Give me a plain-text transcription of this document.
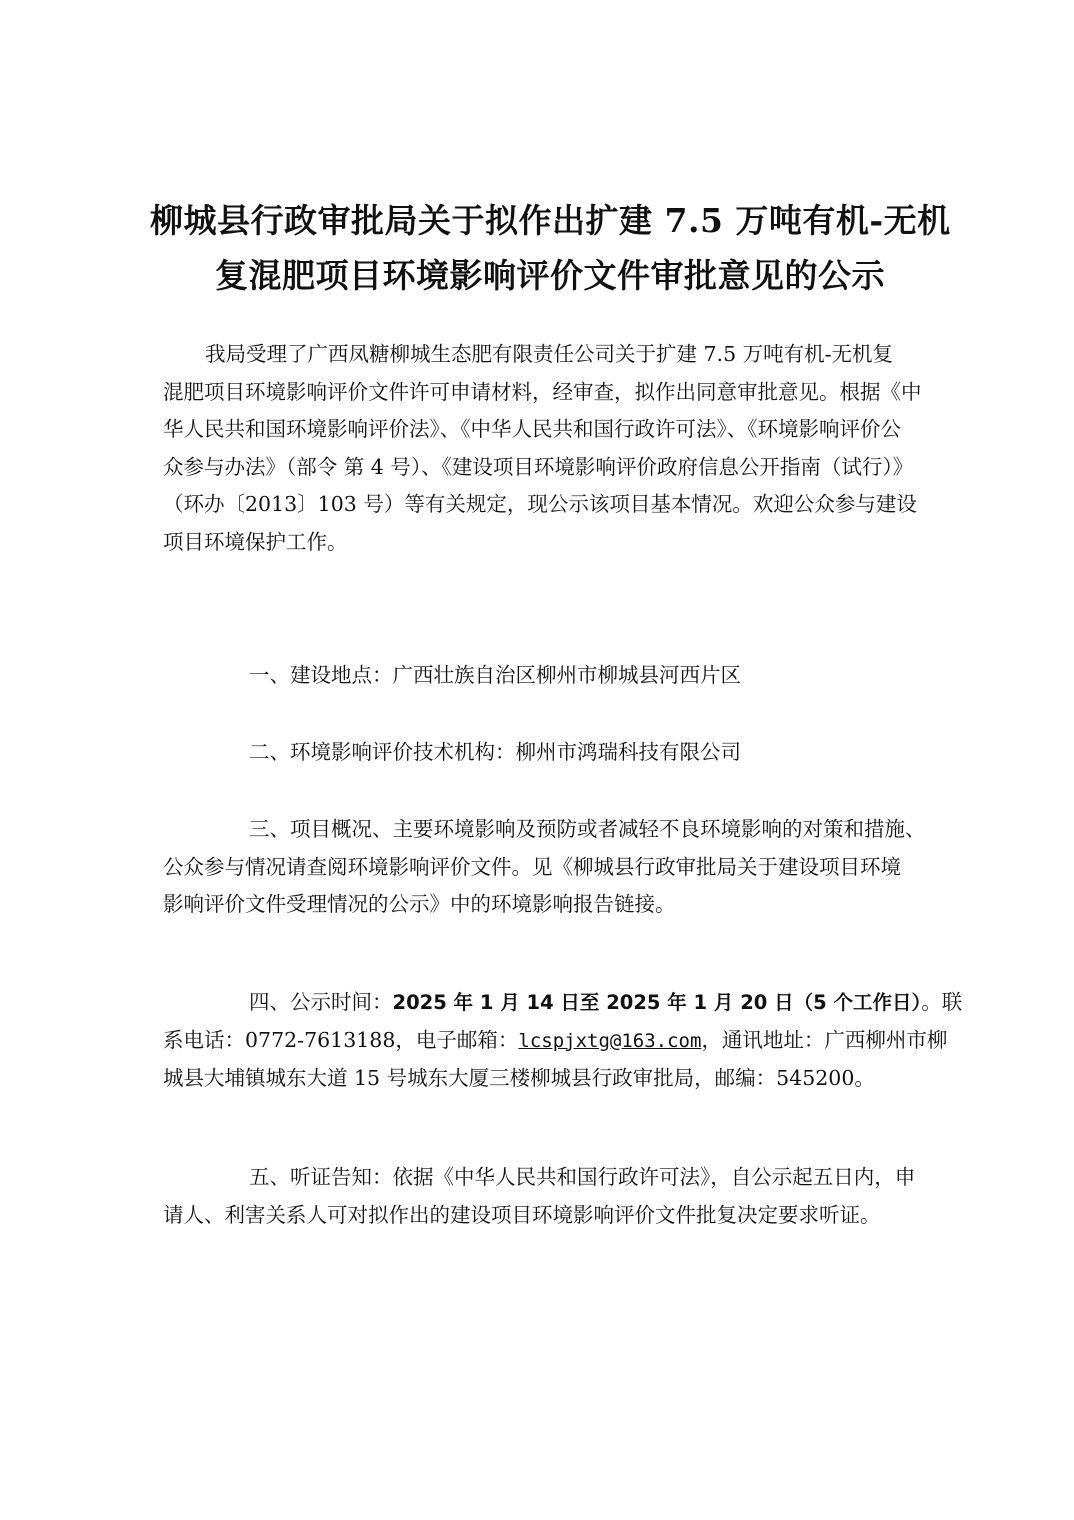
柳城县行政审批局关于拟作出扩建 7.5 万吨有机-无机
复混肥项目环境影响评价文件审批意见的公示
我局受理了广西凤糖柳城生态肥有限责任公司关于扩建 7.5 万吨有机-无机复
混肥项目环境影响评价文件许可申请材料，经审查，拟作出同意审批意见。根据《中
华人民共和国环境影响评价法》、《中华人民共和国行政许可法》、《环境影响评价公
众参与办法》（部令 第 4 号）、《建设项目环境影响评价政府信息公开指南（试行）》
（环办〔2013〕103 号）等有关规定，现公示该项目基本情况。欢迎公众参与建设
项目环境保护工作。
一、建设地点：广西壮族自治区柳州市柳城县河西片区
二、环境影响评价技术机构：柳州市鸿瑞科技有限公司
三、项目概况、主要环境影响及预防或者减轻不良环境影响的对策和措施、
公众参与情况请查阅环境影响评价文件。见《柳城县行政审批局关于建设项目环境
影响评价文件受理情况的公示》中的环境影响报告链接。
四、公示时间：2025 年 1 月 14 日至 2025 年 1 月 20 日（5 个工作日）。联
系电话：0772-7613188，电子邮箱：lcspjxtg@163.com，通讯地址：广西柳州市柳
城县大埔镇城东大道 15 号城东大厦三楼柳城县行政审批局，邮编：545200。
五、听证告知：依据《中华人民共和国行政许可法》，自公示起五日内，申
请人、利害关系人可对拟作出的建设项目环境影响评价文件批复决定要求听证。
